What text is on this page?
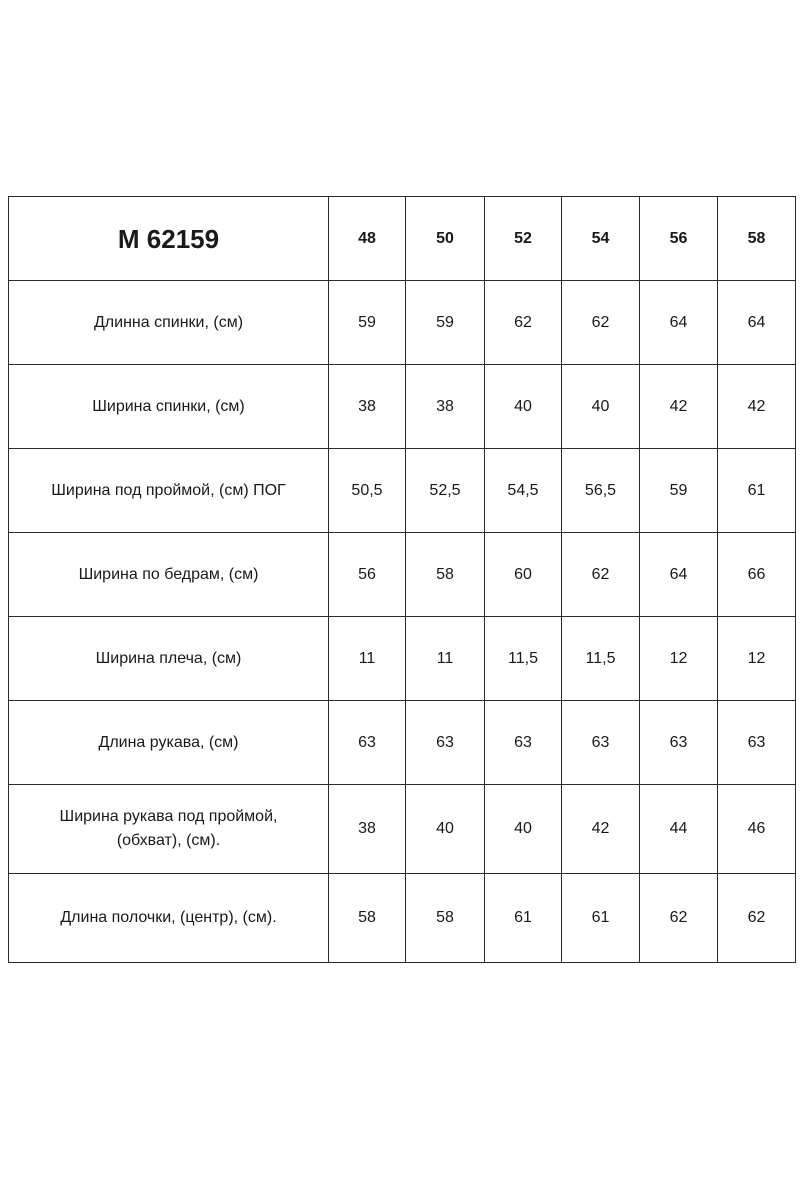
М 62159	48	50	52	54	56	58
Длинна спинки, (см)	59	59	62	62	64	64
Ширина спинки, (см)	38	38	40	40	42	42
Ширина под проймой, (см) ПОГ	50,5	52,5	54,5	56,5	59	61
Ширина по бедрам, (см)	56	58	60	62	64	66
Ширина плеча, (см)	11	11	11,5	11,5	12	12
Длина рукава, (см)	63	63	63	63	63	63
Ширина рукава под проймой,
(обхват), (см).	38	40	40	42	44	46
Длина полочки, (центр), (см).	58	58	61	61	62	62
